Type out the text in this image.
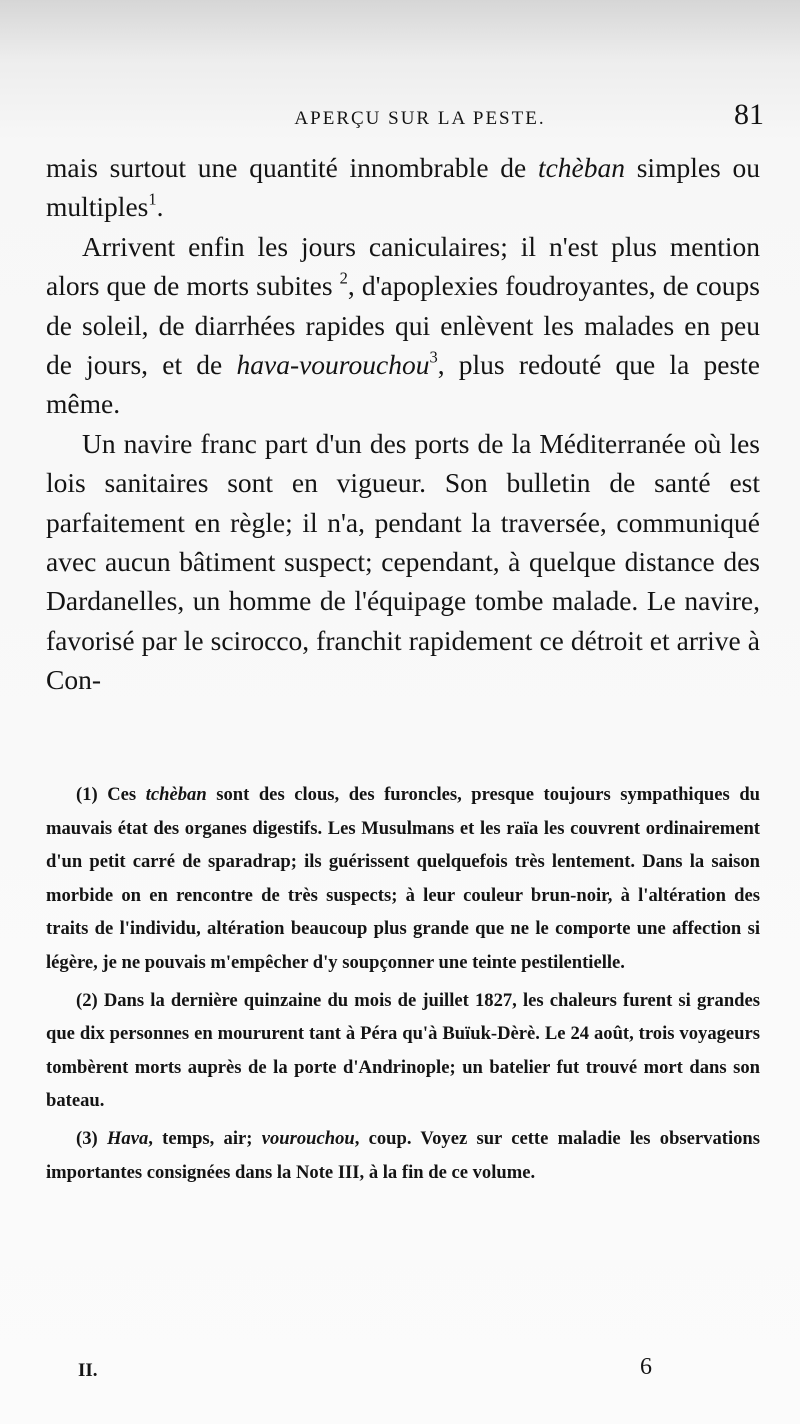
APERÇU SUR LA PESTE.	81

mais surtout une quantité innombrable de tchèban simples ou multiples$^1$.

Arrivent enfin les jours caniculaires; il n'est plus mention alors que de morts subites $^2$, d'apoplexies foudroyantes, de coups de soleil, de diarrhées rapides qui enlèvent les malades en peu de jours, et de hava-vourouchou$^3$, plus redouté que la peste même.

Un navire franc part d'un des ports de la Méditerranée où les lois sanitaires sont en vigueur. Son bulletin de santé est parfaitement en règle; il n'a, pendant la traversée, communiqué avec aucun bâtiment suspect; cependant, à quelque distance des Dardanelles, un homme de l'équipage tombe malade. Le navire, favorisé par le scirocco, franchit rapidement ce détroit et arrive à Con-

(1) Ces tchèban sont des clous, des furoncles, presque toujours sympathiques du mauvais état des organes digestifs. Les Musulmans et les raïa les couvrent ordinairement d'un petit carré de sparadrap; ils guérissent quelquefois très lentement. Dans la saison morbide on en rencontre de très suspects; à leur couleur brun-noir, à l'altération des traits de l'individu, altération beaucoup plus grande que ne le comporte une affection si légère, je ne pouvais m'empêcher d'y soupçonner une teinte pestilentielle.

(2) Dans la dernière quinzaine du mois de juillet 1827, les chaleurs furent si grandes que dix personnes en moururent tant à Péra qu'à Buïuk-Dèrè. Le 24 août, trois voyageurs tombèrent morts auprès de la porte d'Andrinople; un batelier fut trouvé mort dans son bateau.

(3) Hava, temps, air; vourouchou, coup. Voyez sur cette maladie les observations importantes consignées dans la Note III, à la fin de ce volume.

II.	6
